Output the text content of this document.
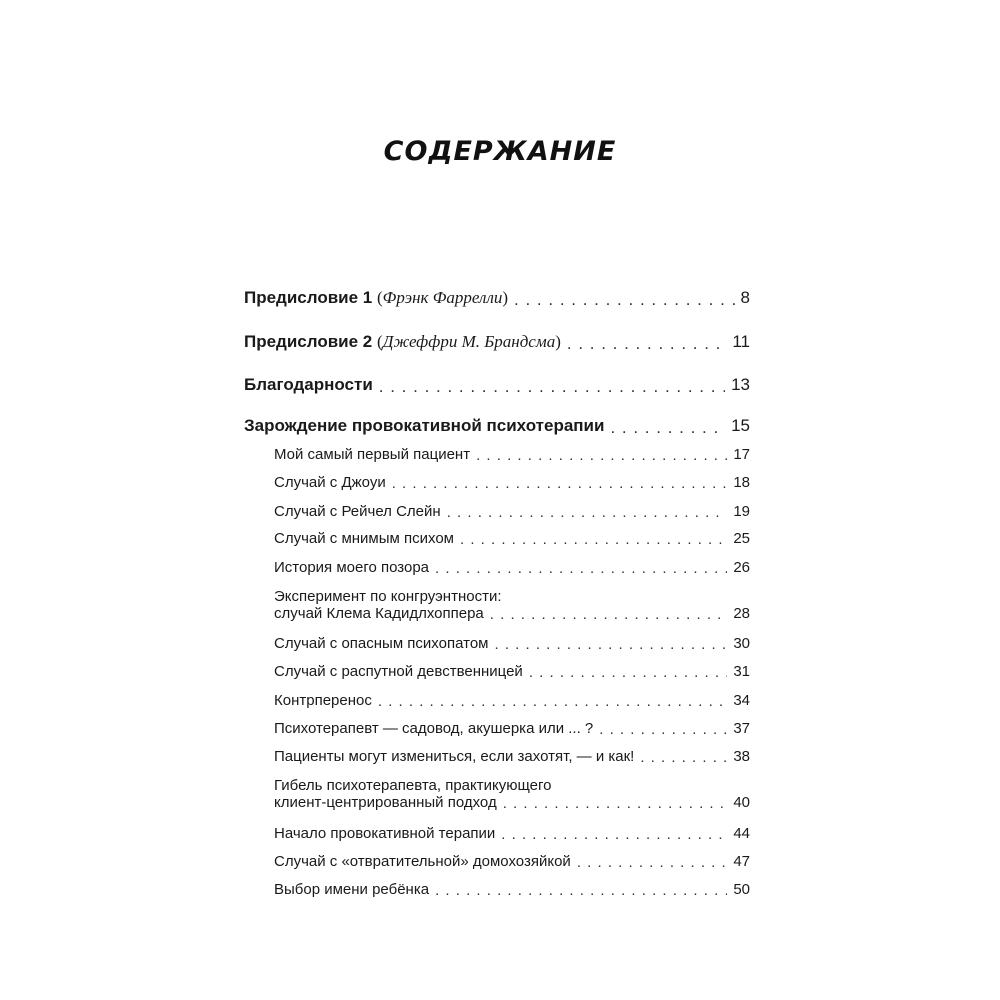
СОДЕРЖАНИЕ
Предисловие 1 (Фрэнк Фаррелли) . . .	8
Предисловие 2 (Джеффри М. Брандсма) . . .	11
Благодарности . . .	13
Зарождение провокативной психотерапии . . .	15
Мой самый первый пациент . . .	17
Случай с Джоуи . . .	18
Случай с Рейчел Слейн . . .	19
Случай с мнимым психом . . .	25
История моего позора . . .	26
Эксперимент по конгруэнтности:
случай Клема Кадидлхоппера . . .	28
Случай с опасным психопатом . . .	30
Случай с распутной девственницей . . .	31
Контрперенос . . .	34
Психотерапевт — садовод, акушерка или ... ? . . .	37
Пациенты могут измениться, если захотят, — и как! . . .	38
Гибель психотерапевта, практикующего
клиент-центрированный подход . . .	40
Начало провокативной терапии . . .	44
Случай с «отвратительной» домохозяйкой . . .	47
Выбор имени ребёнка . . .	50
